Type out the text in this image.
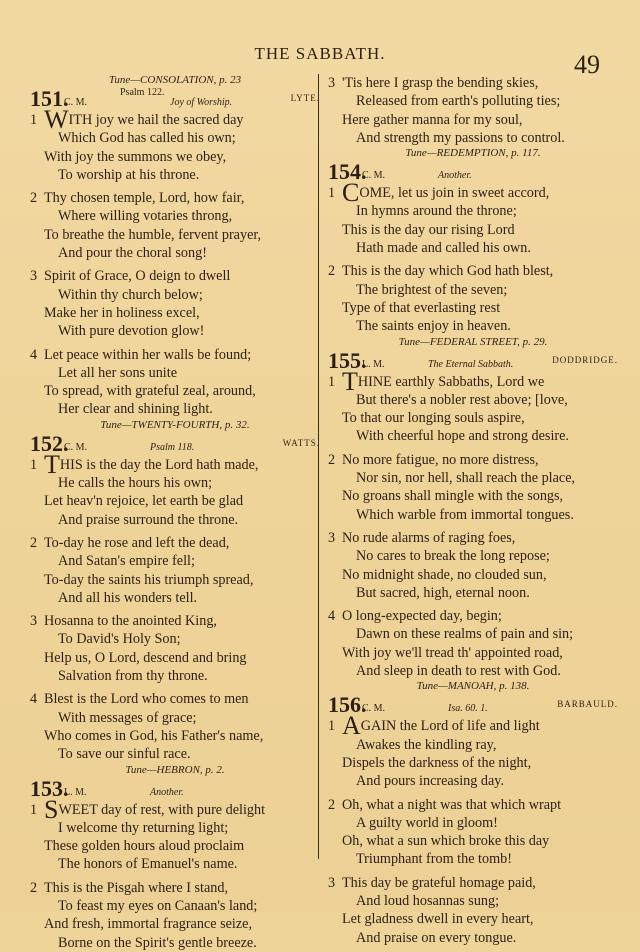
THE SABBATH.	49
Tune—CONSOLATION, p. 23
151.
C. M.
Psalm 122.
Joy of Worship.	LYTE.
1 WITH joy we hail the sacred day
Which God has called his own;
With joy the summons we obey,
To worship at his throne.
2 Thy chosen temple, Lord, how fair,
Where willing votaries throng,
To breathe the humble, fervent prayer,
And pour the choral song!
3 Spirit of Grace, O deign to dwell
Within thy church below;
Make her in holiness excel,
With pure devotion glow!
4 Let peace within her walls be found;
Let all her sons unite
To spread, with grateful zeal, around,
Her clear and shining light.
Tune—TWENTY-FOURTH, p. 32.
152.
C. M.	Psalm 118.	WATTS.
1 THIS is the day the Lord hath made,
He calls the hours his own;
Let heav'n rejoice, let earth be glad
And praise surround the throne.
2 To-day he rose and left the dead,
And Satan's empire fell;
To-day the saints his triumph spread,
And all his wonders tell.
3 Hosanna to the anointed King,
To David's Holy Son;
Help us, O Lord, descend and bring
Salvation from thy throne.
4 Blest is the Lord who comes to men
With messages of grace;
Who comes in God, his Father's name,
To save our sinful race.
Tune—HEBRON, p. 2.
153.
L. M.	Another.
1 SWEET day of rest, with pure delight
I welcome thy returning light;
These golden hours aloud proclaim
The honors of Emanuel's name.
2 This is the Pisgah where I stand,
To feast my eyes on Canaan's land;
And fresh, immortal fragrance seize,
Borne on the Spirit's gentle breeze.
3 'Tis here I grasp the bending skies,
Released from earth's polluting ties;
Here gather manna for my soul,
And strength my passions to control.
Tune—REDEMPTION, p. 117.
154.
C. M.	Another.
1 COME, let us join in sweet accord,
In hymns around the throne;
This is the day our rising Lord
Hath made and called his own.
2 This is the day which God hath blest,
The brightest of the seven;
Type of that everlasting rest
The saints enjoy in heaven.
Tune—FEDERAL STREET, p. 29.
155.
L. M.	The Eternal Sabbath.	DODDRIDGE.
1 THINE earthly Sabbaths, Lord we
But there's a nobler rest above; [love,
To that our longing souls aspire,
With cheerful hope and strong desire.
2 No more fatigue, no more distress,
Nor sin, nor hell, shall reach the place,
No groans shall mingle with the songs,
Which warble from immortal tongues.
3 No rude alarms of raging foes,
No cares to break the long repose;
No midnight shade, no clouded sun,
But sacred, high, eternal noon.
4 O long-expected day, begin;
Dawn on these realms of pain and sin;
With joy we'll tread th' appointed road,
And sleep in death to rest with God.
Tune—MANOAH, p. 138.
156.
C. M.	Isa. 60. 1.	BARBAULD.
1 AGAIN the Lord of life and light
Awakes the kindling ray,
Dispels the darkness of the night,
And pours increasing day.
2 Oh, what a night was that which wrapt
A guilty world in gloom!
Oh, what a sun which broke this day
Triumphant from the tomb!
3 This day be grateful homage paid,
And loud hosannas sung;
Let gladness dwell in every heart,
And praise on every tongue.
